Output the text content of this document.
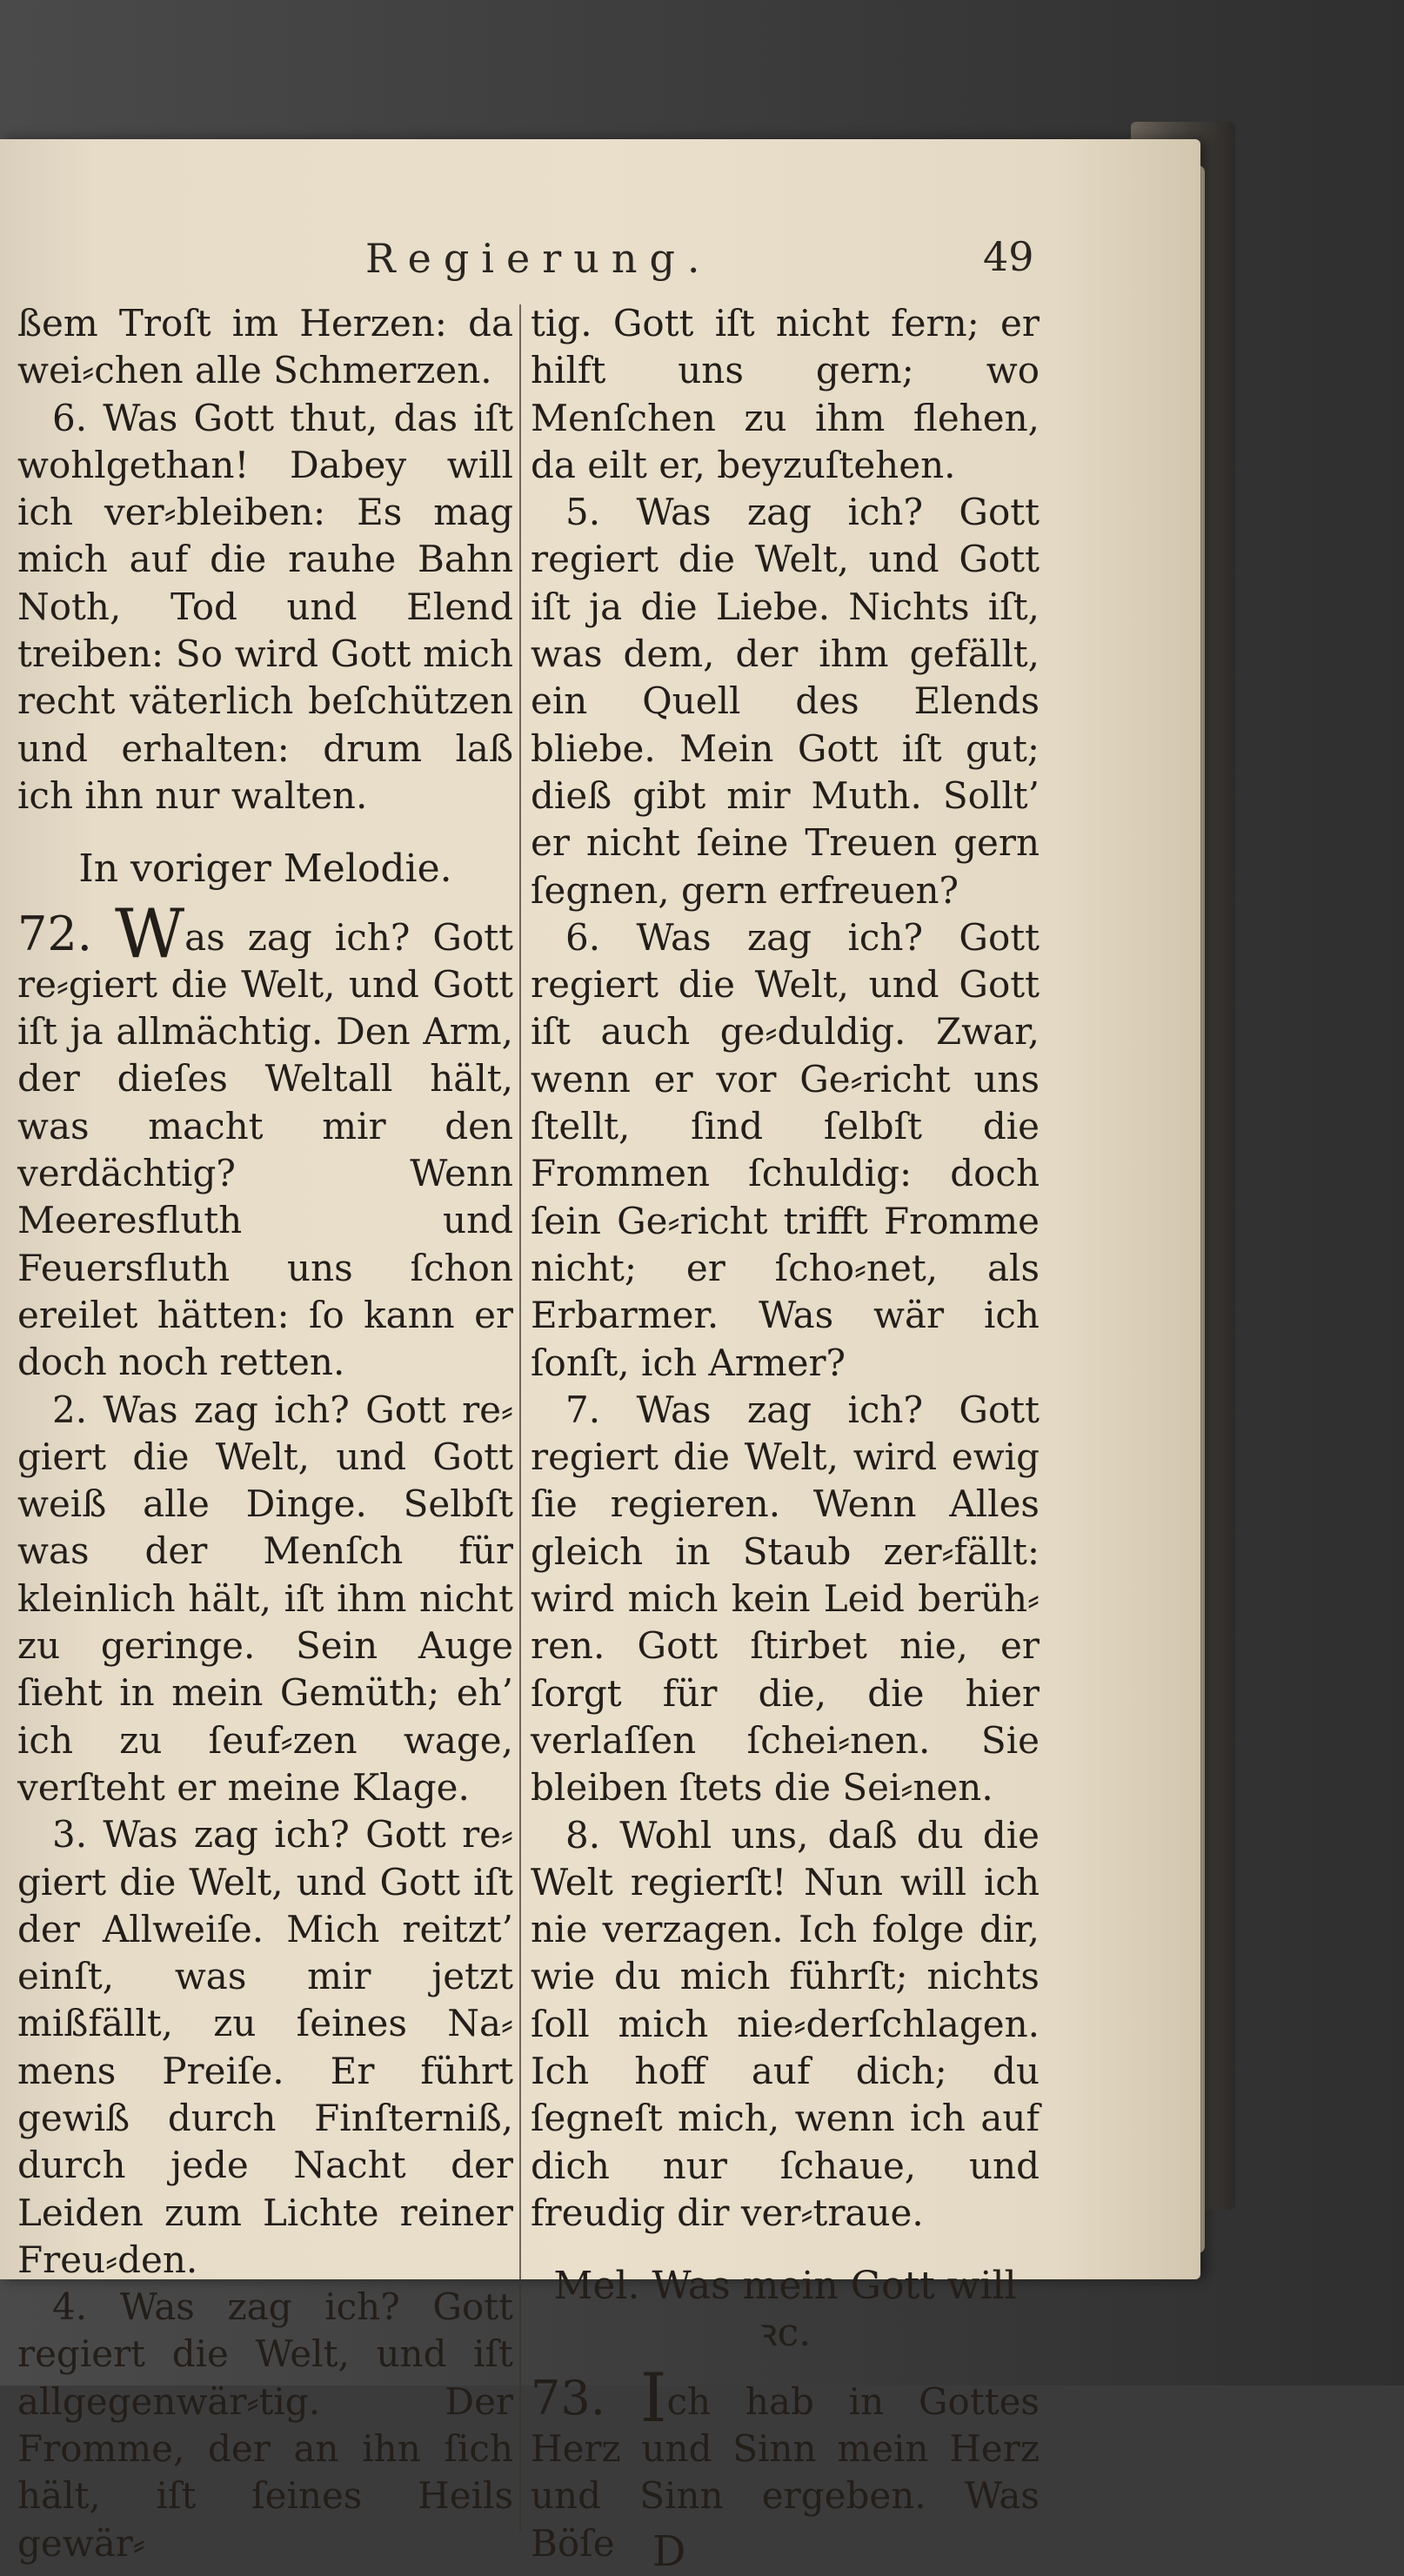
Regierung.	49

ßem Troſt im Herzen: da wei⸗chen alle Schmerzen.

6. Was Gott thut, das iſt wohlgethan! Dabey will ich ver⸗bleiben: Es mag mich auf die rauhe Bahn Noth, Tod und Elend treiben: So wird Gott mich recht väterlich beſchützen und erhalten: drum laß ich ihn nur walten.

In voriger Melodie.

72. Was zag ich? Gott re⸗giert die Welt, und Gott iſt ja allmächtig. Den Arm, der dieſes Weltall hält, was macht mir den verdächtig? Wenn Meeresfluth und Feuersfluth uns ſchon ereilet hätten: ſo kann er doch noch retten.

2. Was zag ich? Gott re⸗giert die Welt, und Gott weiß alle Dinge. Selbſt was der Menſch für kleinlich hält, iſt ihm nicht zu geringe. Sein Auge ſieht in mein Gemüth; eh’ ich zu ſeuf⸗zen wage, verſteht er meine Klage.

3. Was zag ich? Gott re⸗giert die Welt, und Gott iſt der Allweiſe. Mich reitzt’ einſt, was mir jetzt mißfällt, zu ſeines Na⸗mens Preiſe. Er führt gewiß durch Finſterniß, durch jede Nacht der Leiden zum Lichte reiner Freu⸗den.

4. Was zag ich? Gott regiert die Welt, und iſt allgegenwär⸗tig. Der Fromme, der an ihn ſich hält, iſt ſeines Heils gewär⸗

tig. Gott iſt nicht fern; er hilft uns gern; wo Menſchen zu ihm flehen, da eilt er, beyzuſtehen.

5. Was zag ich? Gott regiert die Welt, und Gott iſt ja die Liebe. Nichts iſt, was dem, der ihm gefällt, ein Quell des Elends bliebe. Mein Gott iſt gut; dieß gibt mir Muth. Sollt’ er nicht ſeine Treuen gern ſegnen, gern erfreuen?

6. Was zag ich? Gott regiert die Welt, und Gott iſt auch ge⸗duldig. Zwar, wenn er vor Ge⸗richt uns ſtellt, ſind ſelbſt die Frommen ſchuldig: doch ſein Ge⸗richt trifft Fromme nicht; er ſcho⸗net, als Erbarmer. Was wär ich ſonſt, ich Armer?

7. Was zag ich? Gott regiert die Welt, wird ewig ſie regieren. Wenn Alles gleich in Staub zer⸗fällt: wird mich kein Leid berüh⸗ren. Gott ſtirbet nie, er ſorgt für die, die hier verlaſſen ſchei⸗nen. Sie bleiben ſtets die Sei⸗nen.

8. Wohl uns, daß du die Welt regierſt! Nun will ich nie verzagen. Ich folge dir, wie du mich führſt; nichts ſoll mich nie⸗derſchlagen. Ich hoff auf dich; du ſegneſt mich, wenn ich auf dich nur ſchaue, und freudig dir ver⸗traue.

Mel. Was mein Gott will ꝛc.

73. Ich hab in Gottes Herz und Sinn mein Herz und Sinn ergeben. Was Böſe D
